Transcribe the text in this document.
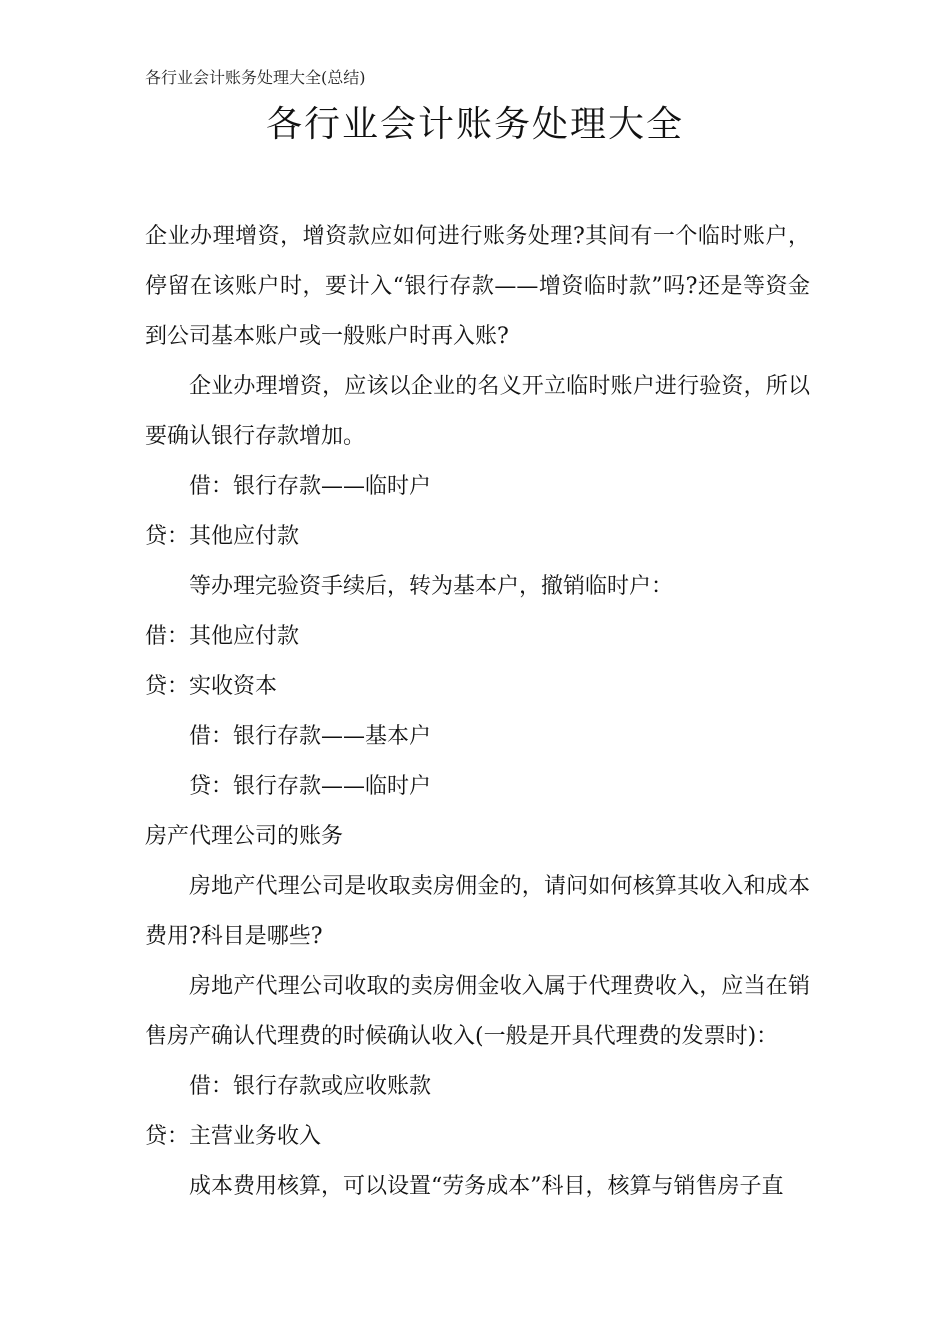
各行业会计账务处理大全(总结)
各行业会计账务处理大全

企业办理增资，增资款应如何进行账务处理?其间有一个临时账户，停留在该账户时，要计入“银行存款——增资临时款”吗?还是等资金到公司基本账户或一般账户时再入账?

企业办理增资，应该以企业的名义开立临时账户进行验资，所以要确认银行存款增加。

借：银行存款——临时户

贷：其他应付款

等办理完验资手续后，转为基本户，撤销临时户：

借：其他应付款

贷：实收资本

借：银行存款——基本户

贷：银行存款——临时户

房产代理公司的账务

房地产代理公司是收取卖房佣金的，请问如何核算其收入和成本费用?科目是哪些?

房地产代理公司收取的卖房佣金收入属于代理费收入，应当在销售房产确认代理费的时候确认收入(一般是开具代理费的发票时)：

借：银行存款或应收账款

贷：主营业务收入

成本费用核算，可以设置“劳务成本”科目，核算与销售房子直
